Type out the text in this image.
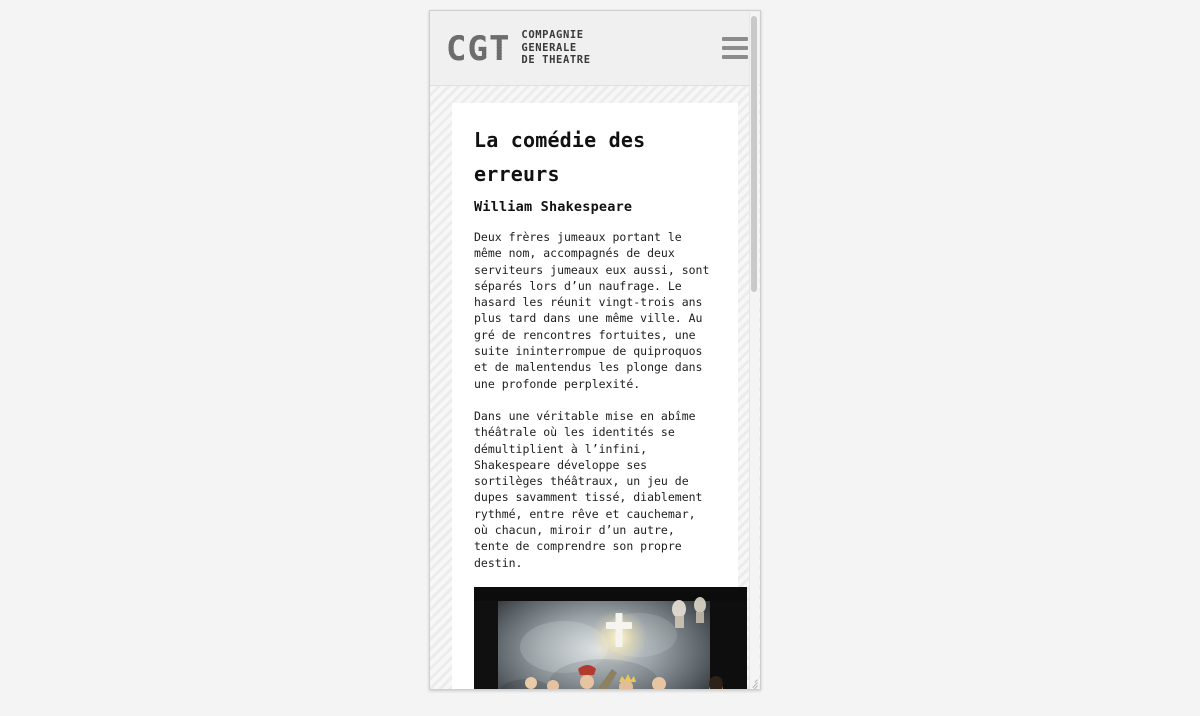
CGT COMPAGNIE
GENERALE
DE THEATRE
La comédie des erreurs
William Shakespeare

Deux frères jumeaux portant le même nom, accompagnés de deux serviteurs jumeaux eux aussi, sont séparés lors d’un naufrage. Le hasard les réunit vingt-trois ans plus tard dans une même ville. Au gré de rencontres fortuites, une suite ininterrompue de quiproquos et de malentendus les plonge dans une profonde perplexité.

Dans une véritable mise en abîme théâtrale où les identités se démultiplient à l’infini, Shakespeare développe ses sortilèges théâtraux, un jeu de dupes savamment tissé, diablement rythmé, entre rêve et cauchemar, où chacun, miroir d’un autre, tente de comprendre son propre destin.
